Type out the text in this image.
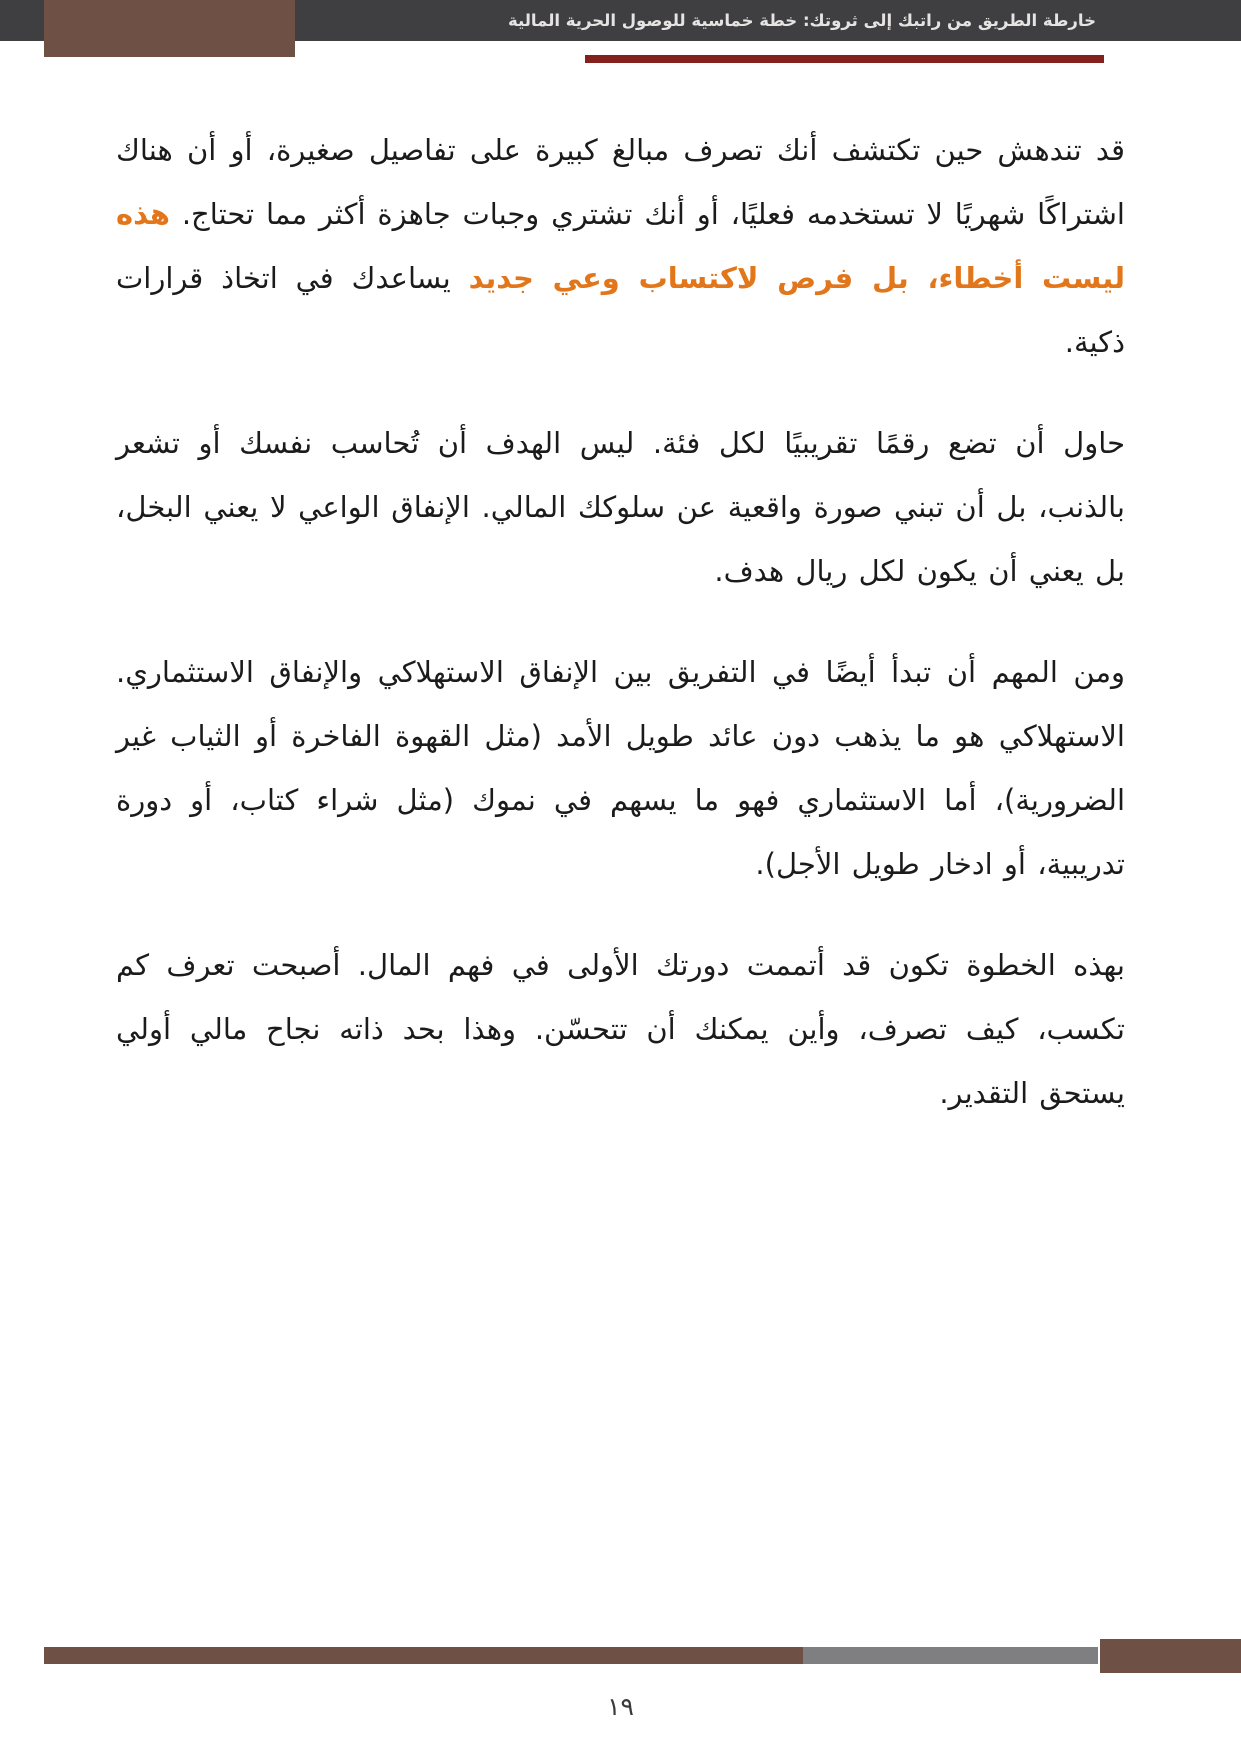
خارطة الطريق من راتبك إلى ثروتك: خطة خماسية للوصول الحرية المالية

قد تندهش حين تكتشف أنك تصرف مبالغ كبيرة على تفاصيل صغيرة، أو أن هناك اشتراكًا شهريًا لا تستخدمه فعليًا، أو أنك تشتري وجبات جاهزة أكثر مما تحتاج. هذه ليست أخطاء، بل فرص لاكتساب وعي جديد يساعدك في اتخاذ قرارات ذكية.

حاول أن تضع رقمًا تقريبيًا لكل فئة. ليس الهدف أن تُحاسب نفسك أو تشعر بالذنب، بل أن تبني صورة واقعية عن سلوكك المالي. الإنفاق الواعي لا يعني البخل، بل يعني أن يكون لكل ريال هدف.

ومن المهم أن تبدأ أيضًا في التفريق بين الإنفاق الاستهلاكي والإنفاق الاستثماري. الاستهلاكي هو ما يذهب دون عائد طويل الأمد (مثل القهوة الفاخرة أو الثياب غير الضرورية)، أما الاستثماري فهو ما يسهم في نموك (مثل شراء كتاب، أو دورة تدريبية، أو ادخار طويل الأجل).

بهذه الخطوة تكون قد أتممت دورتك الأولى في فهم المال. أصبحت تعرف كم تكسب، كيف تصرف، وأين يمكنك أن تتحسّن. وهذا بحد ذاته نجاح مالي أولي يستحق التقدير.

١٩
